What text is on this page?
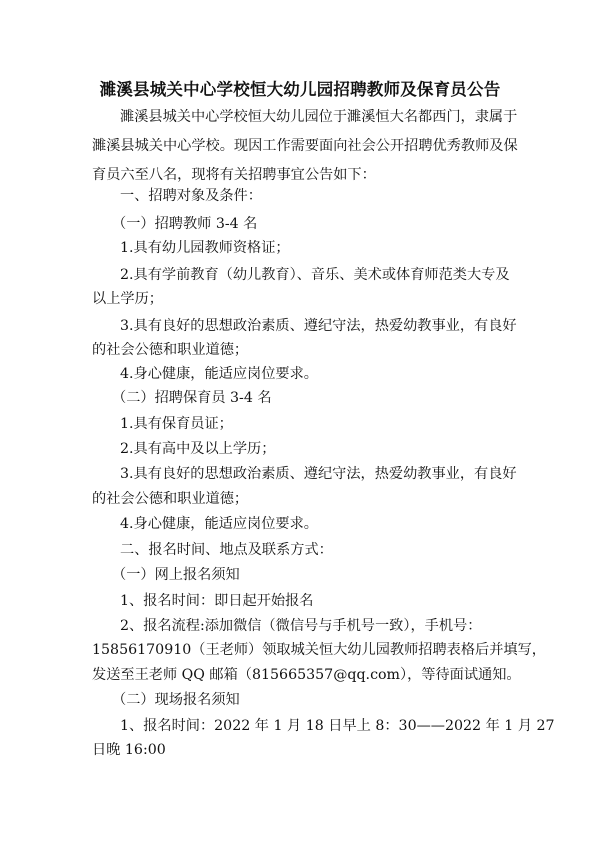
濉溪县城关中心学校恒大幼儿园招聘教师及保育员公告
濉溪县城关中心学校恒大幼儿园位于濉溪恒大名都西门，隶属于
濉溪县城关中心学校。现因工作需要面向社会公开招聘优秀教师及保
育员六至八名，现将有关招聘事宜公告如下：
一、招聘对象及条件：
（一）招聘教师 3-4 名
1.具有幼儿园教师资格证；
2.具有学前教育（幼儿教育）、音乐、美术或体育师范类大专及
以上学历；
3.具有良好的思想政治素质、遵纪守法，热爱幼教事业，有良好
的社会公德和职业道德；
4.身心健康，能适应岗位要求。
（二）招聘保育员 3-4 名
1.具有保育员证；
2.具有高中及以上学历；
3.具有良好的思想政治素质、遵纪守法，热爱幼教事业，有良好
的社会公德和职业道德；
4.身心健康，能适应岗位要求。
二、报名时间、地点及联系方式：
（一）网上报名须知
1、报名时间：即日起开始报名
2、报名流程:添加微信（微信号与手机号一致），手机号：
15856170910（王老师）领取城关恒大幼儿园教师招聘表格后并填写，
发送至王老师 QQ 邮箱（815665357@qq.com），等待面试通知。
（二）现场报名须知
1、报名时间：2022 年 1 月 18 日早上 8：30——2022 年 1 月 27
日晚 16:00
